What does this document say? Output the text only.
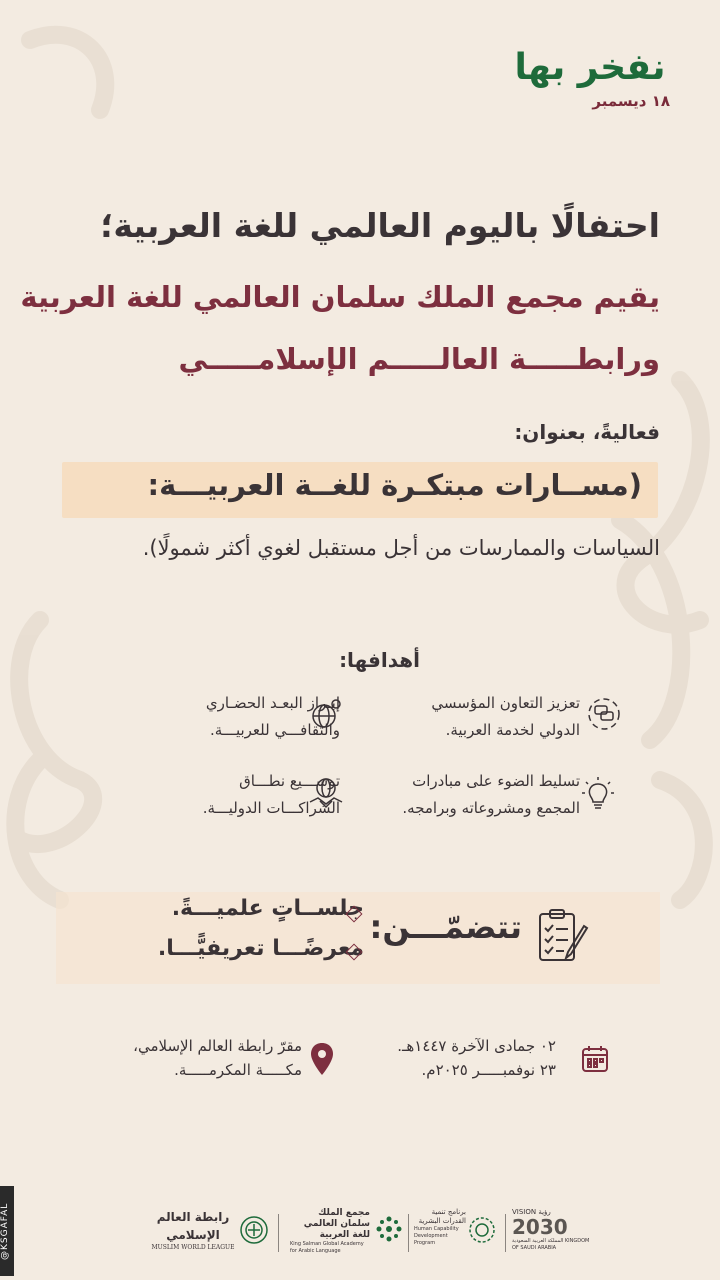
نفخر بها
١٨ ديسمبر
احتفالًا باليوم العالمي للغة العربية؛
يقيم مجمع الملك سلمان العالمي للغة العربية
ورابطـــــة العالـــــم الإسلامـــــي
فعاليةً، بعنوان:
(مســارات مبتكـرة للغــة العربيـــة:
السياسات والممارسات من أجل مستقبل لغوي أكثر شمولًا).
أهدافها:
تعزيز التعاون المؤسسي
الدولي لخدمة العربية.
إبـراز البعـد الحضـاري
والثقافـــي للعربيـــة.
تسليط الضوء على مبادرات
المجمع ومشروعاته وبرامجه.
توســـيع نطـــاق
الشراكـــات الدوليـــة.
تتضمّـــن:
جلســاتٍ علميـــةً.
معرضًـــا تعريفيًّـــا.
٠٢ جمادى الآخرة ١٤٤٧هـ.
٢٣ نوفمبـــــر ٢٠٢٥م.
مقرّ رابطة العالم الإسلامي،
مكـــــة المكرمـــــة.
@KSGAFAL	VISION رؤية
2030
المملكة العربية السعودية KINGDOM OF SAUDI ARABIA
برنامج تنمية القدرات البشرية
Human Capability Development Program
مجمع الملك سلمان العالمي للغة العربية
King Salman Global Academy for Arabic Language
رابطة العالم الإسلامي
MUSLIM WORLD LEAGUE
